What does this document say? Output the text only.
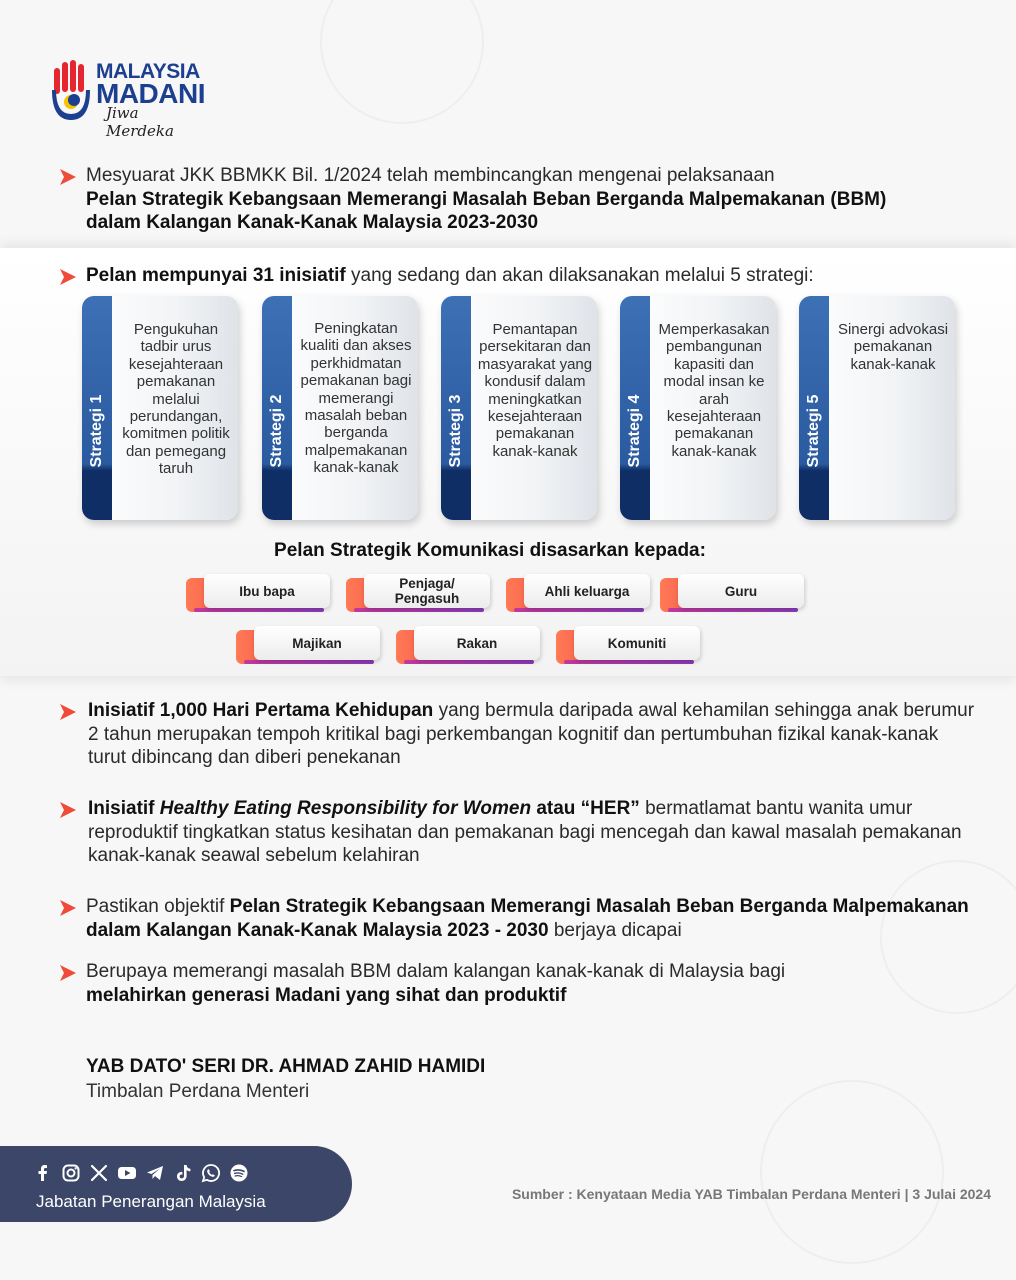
MALAYSIA
MADANI
Jiwa Merdeka
Mesyuarat JKK BBMKK Bil. 1/2024 telah membincangkan mengenai pelaksanaan
Pelan Strategik Kebangsaan Memerangi Masalah Beban Berganda Malpemakanan (BBM) dalam Kalangan Kanak-Kanak Malaysia 2023-2030
Pelan mempunyai 31 inisiatif yang sedang dan akan dilaksanakan melalui 5 strategi:
Strategi 1
Pengukuhan tadbir urus kesejahteraan pemakanan melalui perundangan, komitmen politik dan pemegang taruh
Strategi 2
Peningkatan kualiti dan akses perkhidmatan pemakanan bagi memerangi masalah beban berganda malpemakanan kanak-kanak
Strategi 3
Pemantapan persekitaran dan masyarakat yang kondusif dalam meningkatkan kesejahteraan pemakanan kanak-kanak	Strategi 4
Memperkasakan pembangunan kapasiti dan modal insan ke arah kesejahteraan pemakanan kanak-kanak	Strategi 5
Sinergi advokasi pemakanan kanak-kanak
Pelan Strategik Komunikasi disasarkan kepada:
Ibu bapa	Penjaga/ Pengasuh	Ahli keluarga	Guru
Majikan	Rakan	Komuniti
Inisiatif 1,000 Hari Pertama Kehidupan yang bermula daripada awal kehamilan sehingga anak berumur 2 tahun merupakan tempoh kritikal bagi perkembangan kognitif dan pertumbuhan fizikal kanak-kanak turut dibincang dan diberi penekanan
Inisiatif Healthy Eating Responsibility for Women atau “HER” bermatlamat bantu wanita umur reproduktif tingkatkan status kesihatan dan pemakanan bagi mencegah dan kawal masalah pemakanan kanak-kanak seawal sebelum kelahiran
Pastikan objektif Pelan Strategik Kebangsaan Memerangi Masalah Beban Berganda Malpemakanan dalam Kalangan Kanak-Kanak Malaysia 2023 - 2030 berjaya dicapai
Berupaya memerangi masalah BBM dalam kalangan kanak-kanak di Malaysia bagi
melahirkan generasi Madani yang sihat dan produktif
YAB DATO' SERI DR. AHMAD ZAHID HAMIDI
Timbalan Perdana Menteri
Jabatan Penerangan Malaysia	Sumber : Kenyataan Media YAB Timbalan Perdana Menteri | 3 Julai 2024
